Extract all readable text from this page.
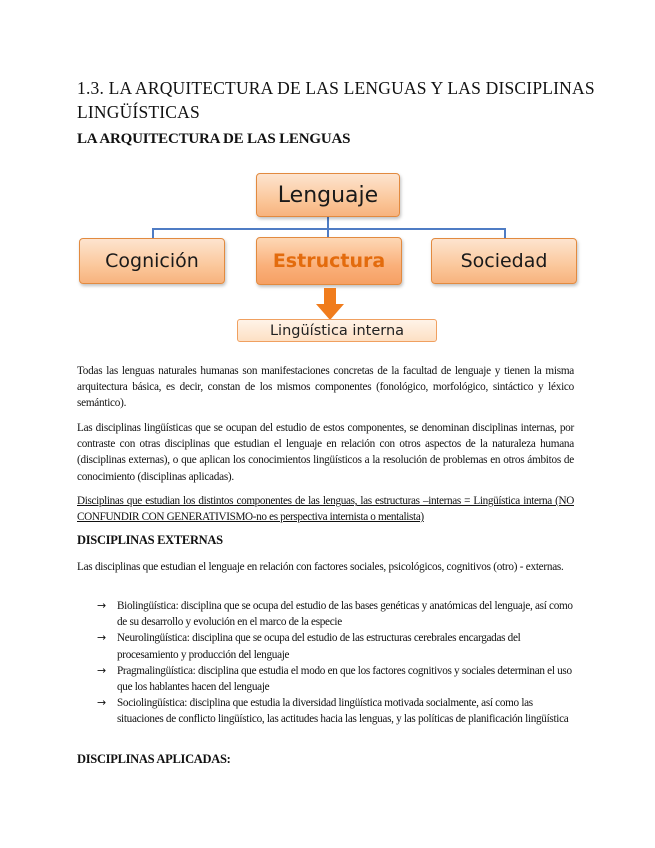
1.3. LA ARQUITECTURA DE LAS LENGUAS Y LAS DISCIPLINAS LINGÜÍSTICAS
LA ARQUITECTURA DE LAS LENGUAS
Lenguaje
Cognición	Estructura	Sociedad
Lingüística interna

Todas las lenguas naturales humanas son manifestaciones concretas de la facultad de lenguaje y tienen la misma arquitectura básica, es decir, constan de los mismos componentes (fonológico, morfológico, sintáctico y léxico semántico).

Las disciplinas lingüísticas que se ocupan del estudio de estos componentes, se denominan disciplinas internas, por contraste con otras disciplinas que estudian el lenguaje en relación con otros aspectos de la naturaleza humana (disciplinas externas), o que aplican los conocimientos lingüísticos a la resolución de problemas en otros ámbitos de conocimiento (disciplinas aplicadas).

Disciplinas que estudian los distintos componentes de las lenguas, las estructuras –internas = Lingüística interna (NO CONFUNDIR CON GENERATIVISMO-no es perspectiva internista o mentalista)

DISCIPLINAS EXTERNAS

Las disciplinas que estudian el lenguaje en relación con factores sociales, psicológicos, cognitivos (otro) - externas.

→ Biolingüística: disciplina que se ocupa del estudio de las bases genéticas y anatómicas del lenguaje, así como de su desarrollo y evolución en el marco de la especie
→ Neurolingüística: disciplina que se ocupa del estudio de las estructuras cerebrales encargadas del procesamiento y producción del lenguaje
→ Pragmalingüística: disciplina que estudia el modo en que los factores cognitivos y sociales determinan el uso que los hablantes hacen del lenguaje
→ Sociolingüística: disciplina que estudia la diversidad lingüística motivada socialmente, así como las situaciones de conflicto lingüístico, las actitudes hacia las lenguas, y las políticas de planificación lingüística
DISCIPLINAS APLICADAS:
